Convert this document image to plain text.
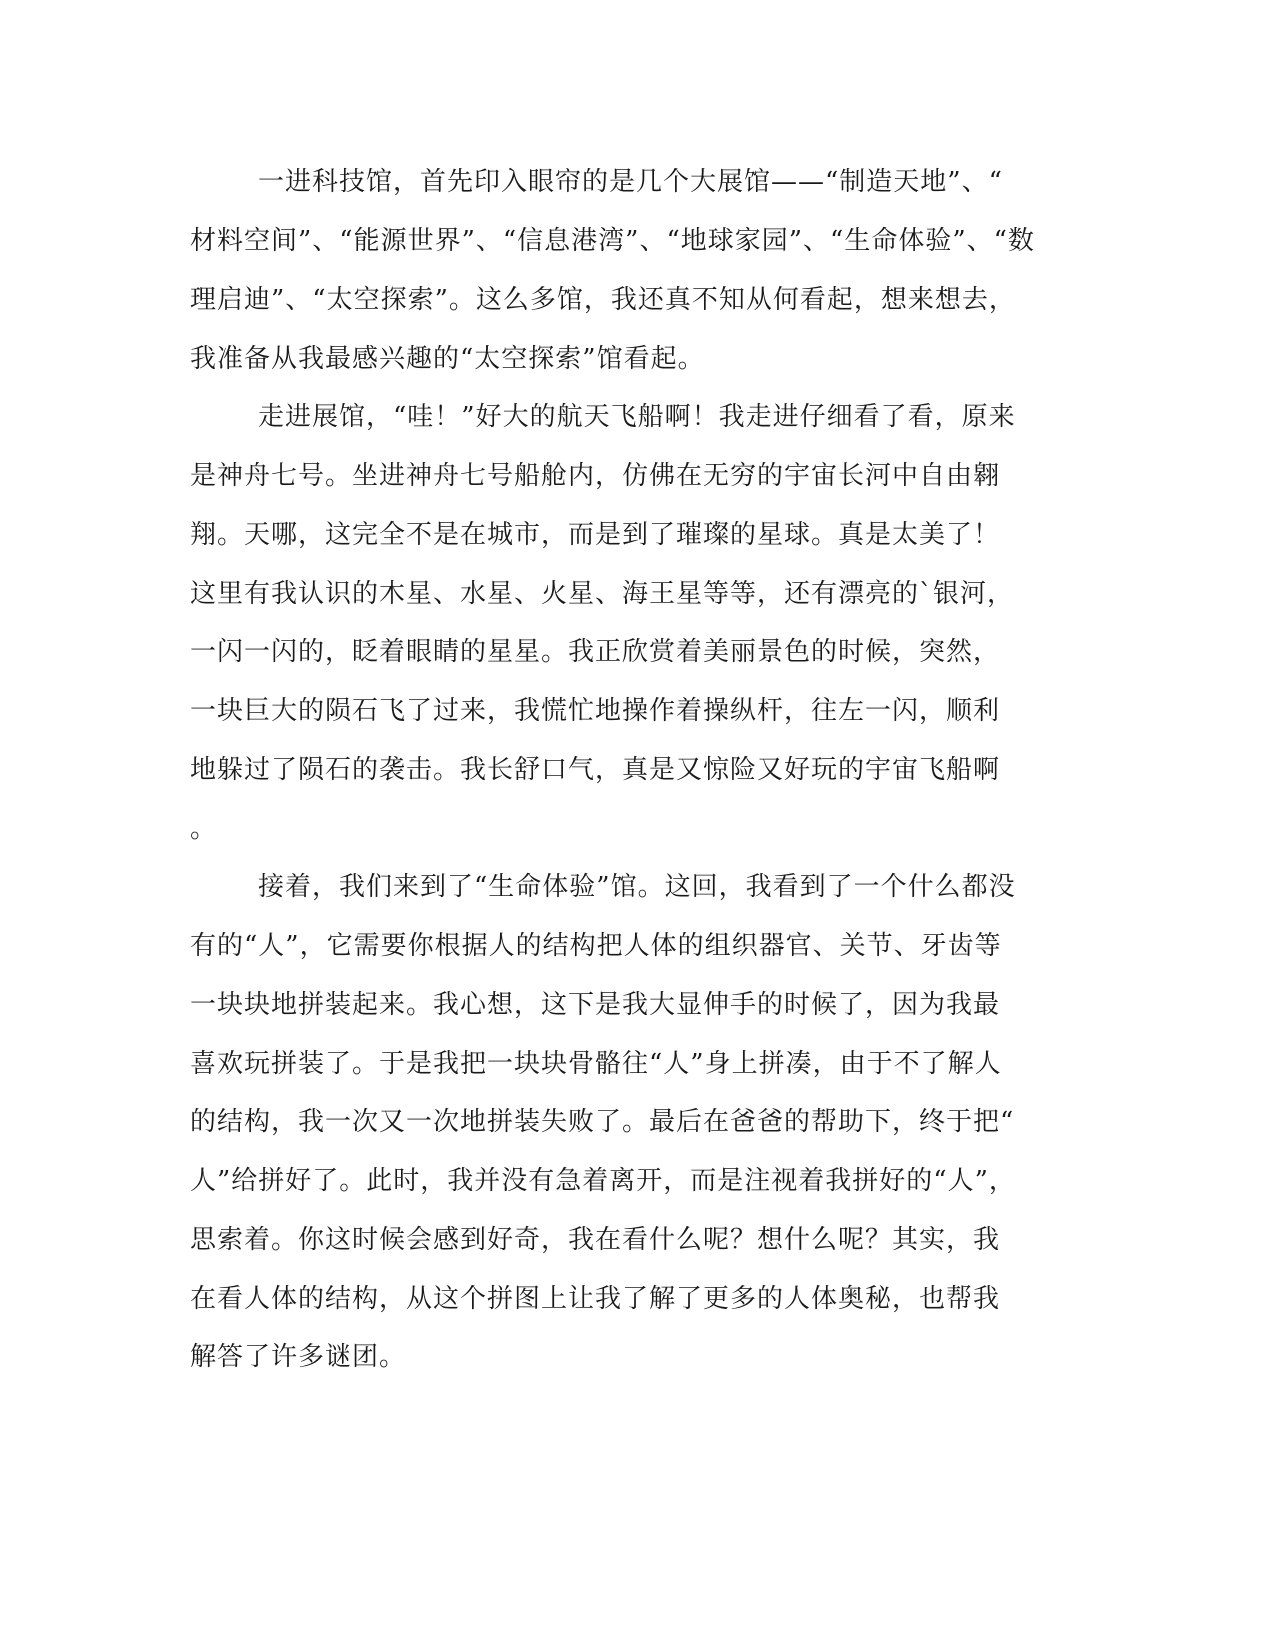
一进科技馆，首先印入眼帘的是几个大展馆——“制造天地”、“
材料空间”、“能源世界”、“信息港湾”、“地球家园”、“生命体验”、“数
理启迪”、“太空探索”。这么多馆，我还真不知从何看起，想来想去，
我准备从我最感兴趣的“太空探索”馆看起。
走进展馆，“哇！”好大的航天飞船啊！我走进仔细看了看，原来
是神舟七号。坐进神舟七号船舱内，仿佛在无穷的宇宙长河中自由翱
翔。天哪，这完全不是在城市，而是到了璀璨的星球。真是太美了！
这里有我认识的木星、水星、火星、海王星等等，还有漂亮的`银河，
一闪一闪的，眨着眼睛的星星。我正欣赏着美丽景色的时候，突然，
一块巨大的陨石飞了过来，我慌忙地操作着操纵杆，往左一闪，顺利
地躲过了陨石的袭击。我长舒口气，真是又惊险又好玩的宇宙飞船啊
。
接着，我们来到了“生命体验”馆。这回，我看到了一个什么都没
有的“人”，它需要你根据人的结构把人体的组织器官、关节、牙齿等
一块块地拼装起来。我心想，这下是我大显伸手的时候了，因为我最
喜欢玩拼装了。于是我把一块块骨骼往“人”身上拼凑，由于不了解人
的结构，我一次又一次地拼装失败了。最后在爸爸的帮助下，终于把“
人”给拼好了。此时，我并没有急着离开，而是注视着我拼好的“人”，
思索着。你这时候会感到好奇，我在看什么呢？想什么呢？其实，我
在看人体的结构，从这个拼图上让我了解了更多的人体奥秘，也帮我
解答了许多谜团。
